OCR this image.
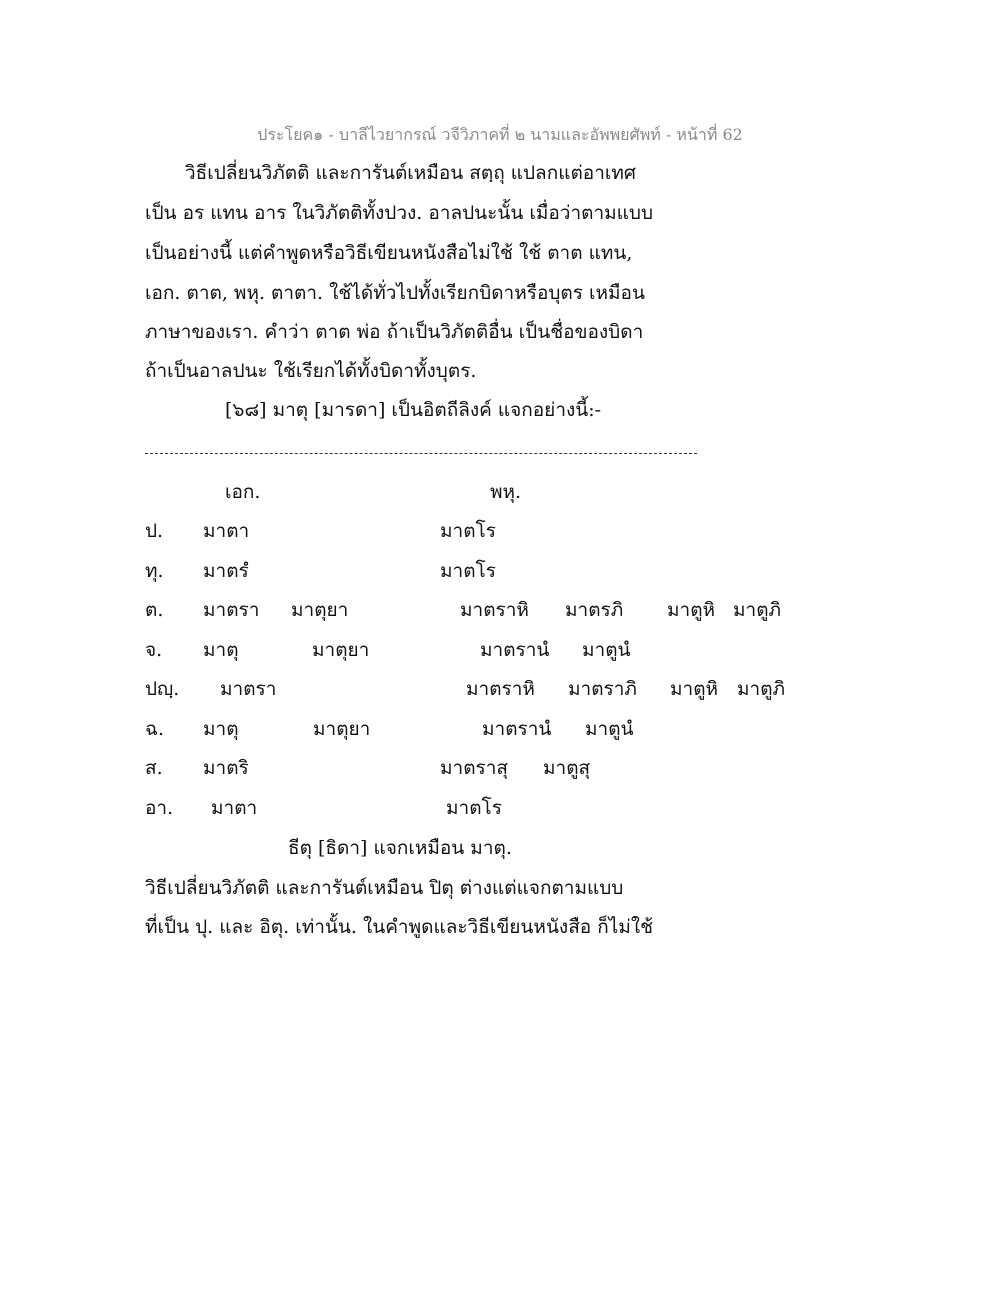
ประโยค๑ - บาลีไวยากรณ์ วจีวิภาคที่ ๒ นามและอัพพยศัพท์ - หน้าที่ 62
วิธีเปลี่ยนวิภัตติ และการันต์เหมือน สตฺถุ แปลกแต่อาเทศ
เป็น อร แทน อาร ในวิภัตติทั้งปวง. อาลปนะนั้น เมื่อว่าตามแบบ
เป็นอย่างนี้ แต่คำพูดหรือวิธีเขียนหนังสือไม่ใช้ ใช้ ตาต แทน,
เอก. ตาต, พหุ. ตาตา. ใช้ได้ทั่วไปทั้งเรียกบิดาหรือบุตร เหมือน
ภาษาของเรา. คำว่า ตาต พ่อ ถ้าเป็นวิภัตติอื่น เป็นชื่อของบิดา
ถ้าเป็นอาลปนะ ใช้เรียกได้ทั้งบิดาทั้งบุตร.
[๖๘] มาตุ [มารดา] เป็นอิตถีลิงค์ แจกอย่างนี้:-
เอก.	พหุ.
ป. มาตา	มาตโร
ทุ. มาตรํ	มาตโร
ต. มาตรา มาตุยา	มาตราหิ มาตรภิ มาตูหิ มาตูภิ
จ. มาตุ	มาตุยา	มาตรานํ มาตูนํ
ปญฺ. มาตรา	มาตราหิ มาตราภิ มาตูหิ มาตูภิ
ฉ. มาตุ	มาตุยา	มาตรานํ มาตูนํ
ส. มาตริ	มาตราสุ มาตูสุ
อา. มาตา	มาตโร
ธีตุ [ธิดา] แจกเหมือน มาตุ.
วิธีเปลี่ยนวิภัตติ และการันต์เหมือน ปิตุ ต่างแต่แจกตามแบบ
ที่เป็น ปุ. และ อิตุ. เท่านั้น. ในคำพูดและวิธีเขียนหนังสือ ก็ไม่ใช้
